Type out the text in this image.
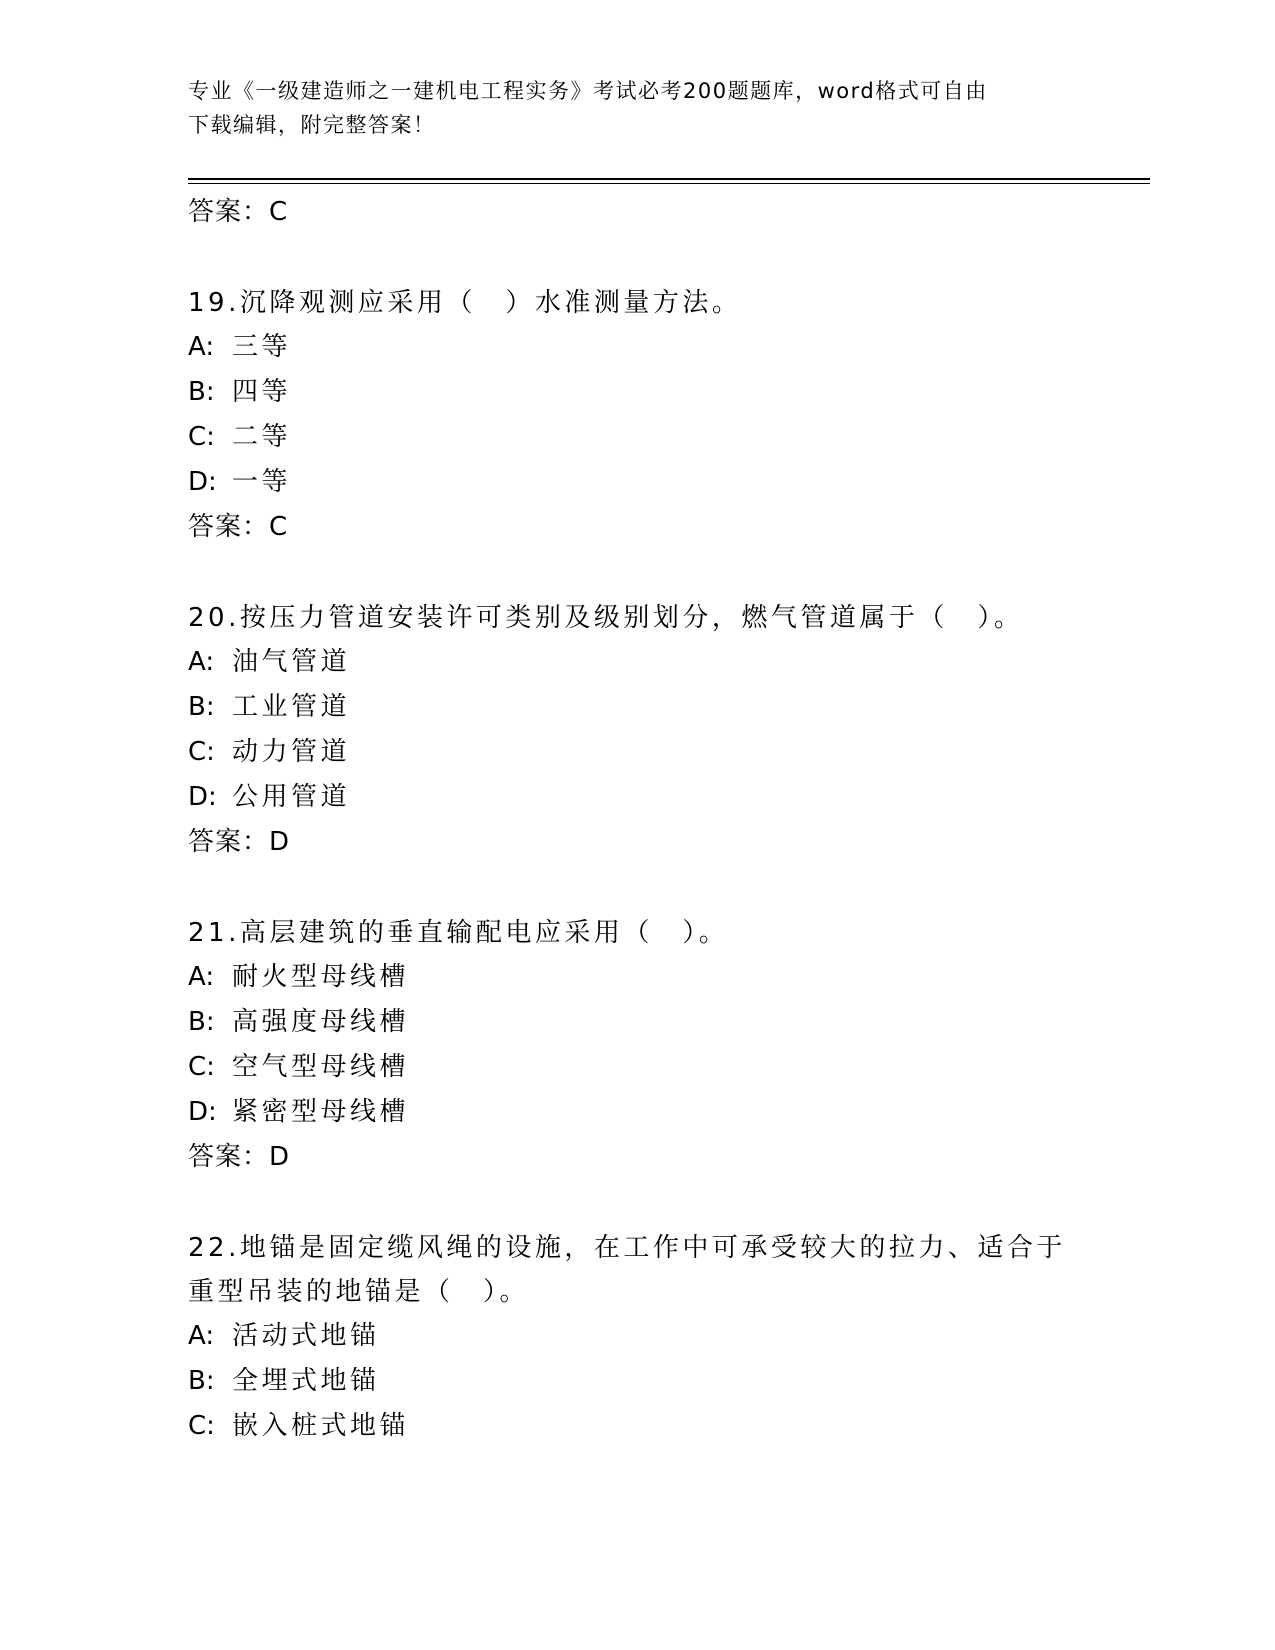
专业《一级建造师之一建机电工程实务》考试必考200题题库，word格式可自由
下载编辑，附完整答案！

答案：C

19.沉降观测应采用（　）水准测量方法。

A: 三等
B: 四等
C: 二等
D: 一等

答案：C

20.按压力管道安装许可类别及级别划分，燃气管道属于（　）。

A: 油气管道
B: 工业管道
C: 动力管道
D: 公用管道

答案：D

21.高层建筑的垂直输配电应采用（　）。

A: 耐火型母线槽
B: 高强度母线槽
C: 空气型母线槽
D: 紧密型母线槽

答案：D

22.地锚是固定缆风绳的设施，在工作中可承受较大的拉力、适合于重型吊装的地锚是（　）。

A: 活动式地锚
B: 全埋式地锚
C: 嵌入桩式地锚
